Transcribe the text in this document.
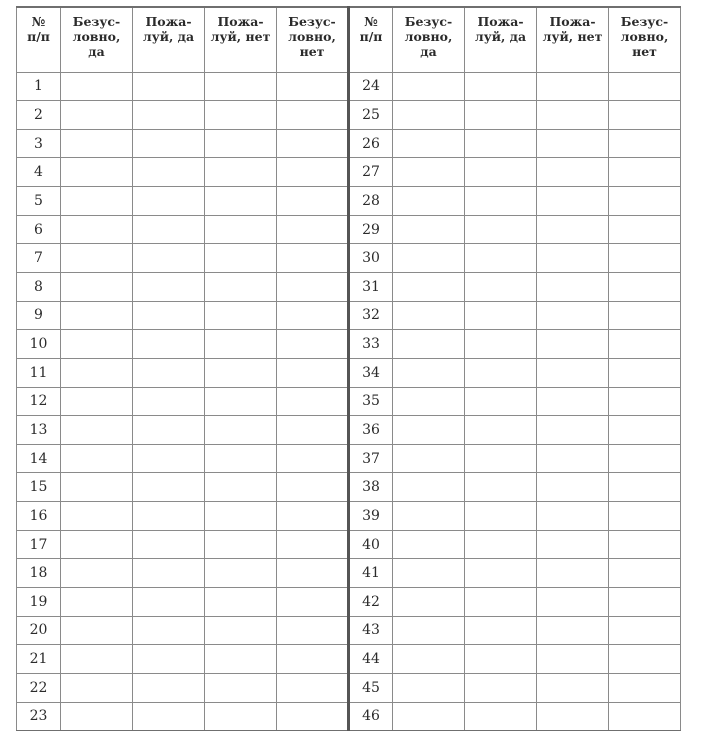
№
п/п	Безус-
ловно,
да	Пожа-
луй, да	Пожа-
луй, нет	Безус-
ловно,
нет	№
п/п	Безус-
ловно,
да	Пожа-
луй, да	Пожа-
луй, нет	Безус-
ловно,
нет
1					24				
2					25				
3					26				
4					27				
5					28				
6					29				
7					30				
8					31				
9					32				
10					33				
11					34				
12					35				
13					36				
14					37				
15					38				
16					39				
17					40				
18					41				
19					42				
20					43				
21					44				
22					45				
23					46				
